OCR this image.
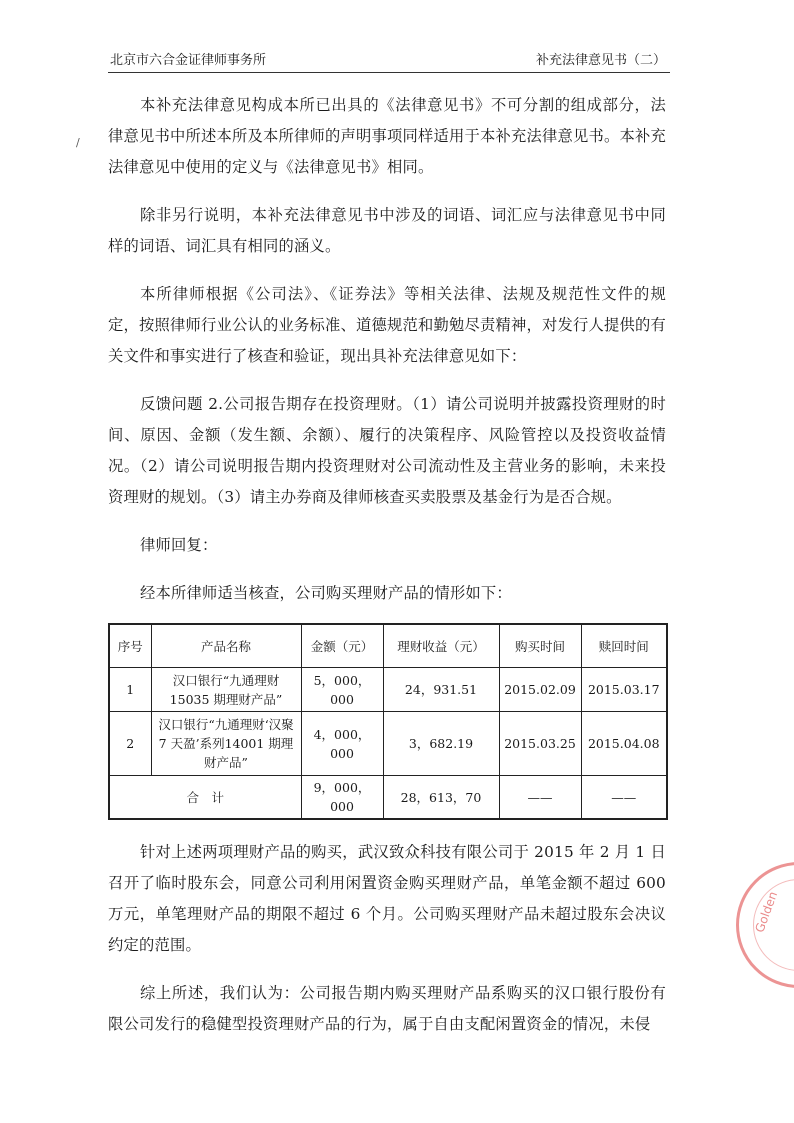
北京市六合金证律师事务所	补充法律意见书（二）
/

本补充法律意见构成本所已出具的《法律意见书》不可分割的组成部分，法律意见书中所述本所及本所律师的声明事项同样适用于本补充法律意见书。本补充法律意见中使用的定义与《法律意见书》相同。

除非另行说明，本补充法律意见书中涉及的词语、词汇应与法律意见书中同样的词语、词汇具有相同的涵义。

本所律师根据《公司法》、《证券法》等相关法律、法规及规范性文件的规定，按照律师行业公认的业务标准、道德规范和勤勉尽责精神，对发行人提供的有关文件和事实进行了核查和验证，现出具补充法律意见如下：

反馈问题 2.公司报告期存在投资理财。（1）请公司说明并披露投资理财的时间、原因、金额（发生额、余额）、履行的决策程序、风险管控以及投资收益情况。（2）请公司说明报告期内投资理财对公司流动性及主营业务的影响，未来投资理财的规划。（3）请主办券商及律师核查买卖股票及基金行为是否合规。

律师回复：

经本所律师适当核查，公司购买理财产品的情形如下：

序号	产品名称	金额（元）	理财收益（元）	购买时间	赎回时间
1	汉口银行“九通理财15035 期理财产品”	5，000，000	24，931.51	2015.02.09	2015.03.17
2	汉口银行“九通理财‘汉聚 7 天盈’系列14001 期理财产品”	4，000，000	3，682.19	2015.03.25	2015.04.08
合　计		9，000，000	28，613，70	——	——

针对上述两项理财产品的购买，武汉致众科技有限公司于 2015 年 2 月 1 日召开了临时股东会，同意公司利用闲置资金购买理财产品，单笔金额不超过 600 万元，单笔理财产品的期限不超过 6 个月。公司购买理财产品未超过股东会决议约定的范围。

综上所述，我们认为：公司报告期内购买理财产品系购买的汉口银行股份有限公司发行的稳健型投资理财产品的行为，属于自由支配闲置资金的情况，未侵

Golden
